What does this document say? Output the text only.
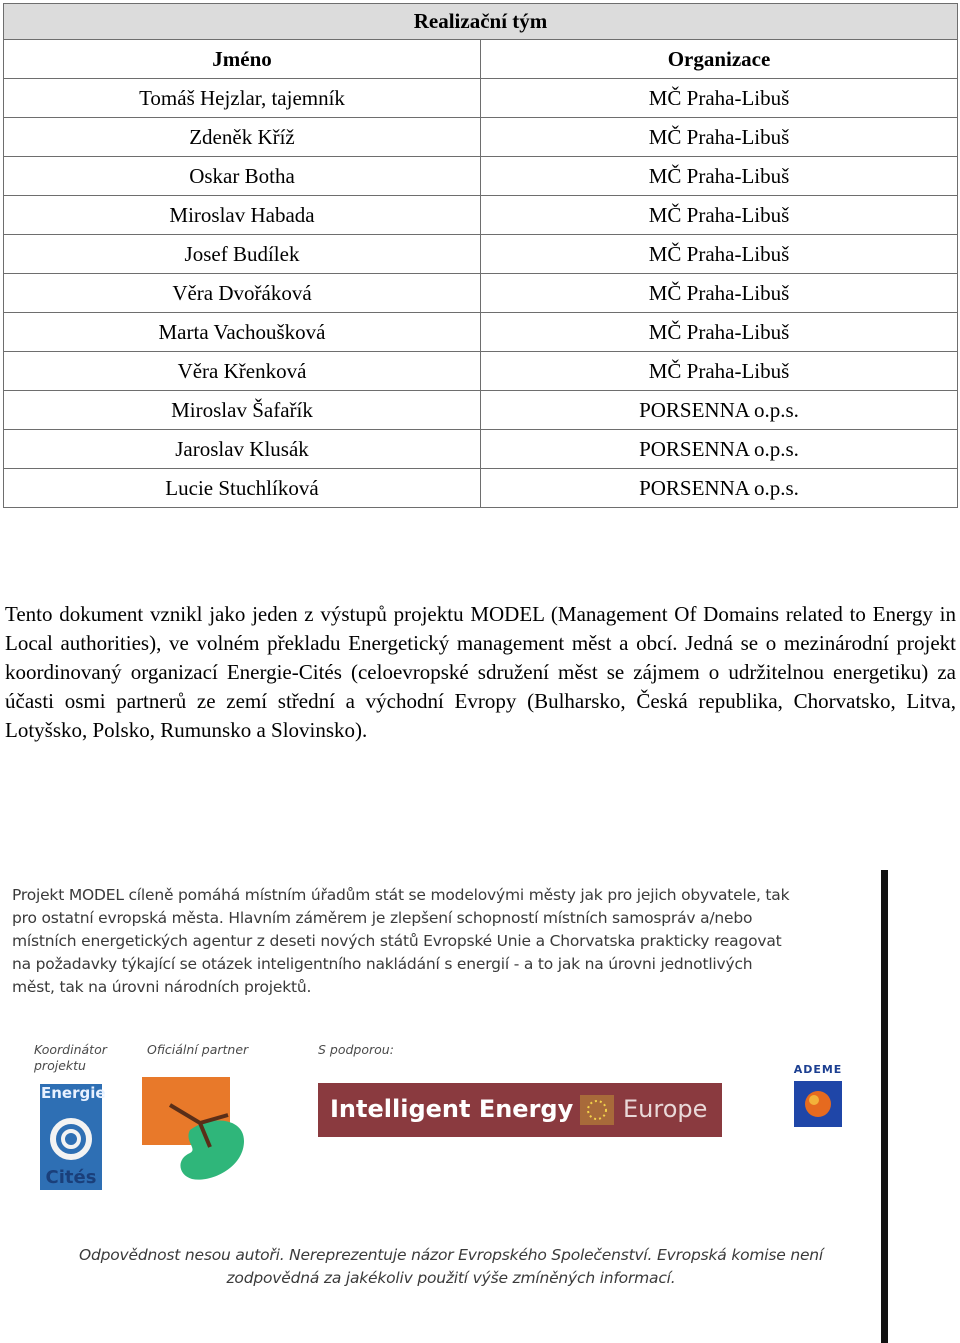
Realizační tým	
Jméno	Organizace
Tomáš Hejzlar, tajemník	MČ Praha-Libuš
Zdeněk Kříž	MČ Praha-Libuš
Oskar Botha	MČ Praha-Libuš
Miroslav Habada	MČ Praha-Libuš
Josef Budílek	MČ Praha-Libuš
Věra Dvořáková	MČ Praha-Libuš
Marta Vachoušková	MČ Praha-Libuš
Věra Křenková	MČ Praha-Libuš
Miroslav Šafařík	PORSENNA o.p.s.
Jaroslav Klusák	PORSENNA o.p.s.
Lucie Stuchlíková	PORSENNA o.p.s.

Tento dokument vznikl jako jeden z výstupů projektu MODEL (Management Of Domains related to Energy in Local authorities), ve volném překladu Energetický management měst a obcí. Jedná se o mezinárodní projekt koordinovaný organizací Energie-Cités (celoevropské sdružení měst se zájmem o udržitelnou energetiku) za účasti osmi partnerů ze zemí střední a východní Evropy (Bulharsko, Česká republika, Chorvatsko, Litva, Lotyšsko, Polsko, Rumunsko a Slovinsko).

Projekt MODEL cíleně pomáhá místním úřadům stát se modelovými městy jak pro jejich obyvatele, tak
pro ostatní evropská města. Hlavním záměrem je zlepšení schopností místních samospráv a/nebo
místních energetických agentur z deseti nových států Evropské Unie a Chorvatska prakticky reagovat
na požadavky týkající se otázek inteligentního nakládání s energií - a to jak na úrovni jednotlivých
měst, tak na úrovni národních projektů.
Koordinátor
projektu
Oficiální partner	S podporou:
Energie
Cités
Intelligent Energy Europe
ADEME
Odpovědnost nesou autoři. Nereprezentuje názor Evropského Společenství. Evropská komise není
zodpovědná za jakékoliv použití výše zmíněných informací.
